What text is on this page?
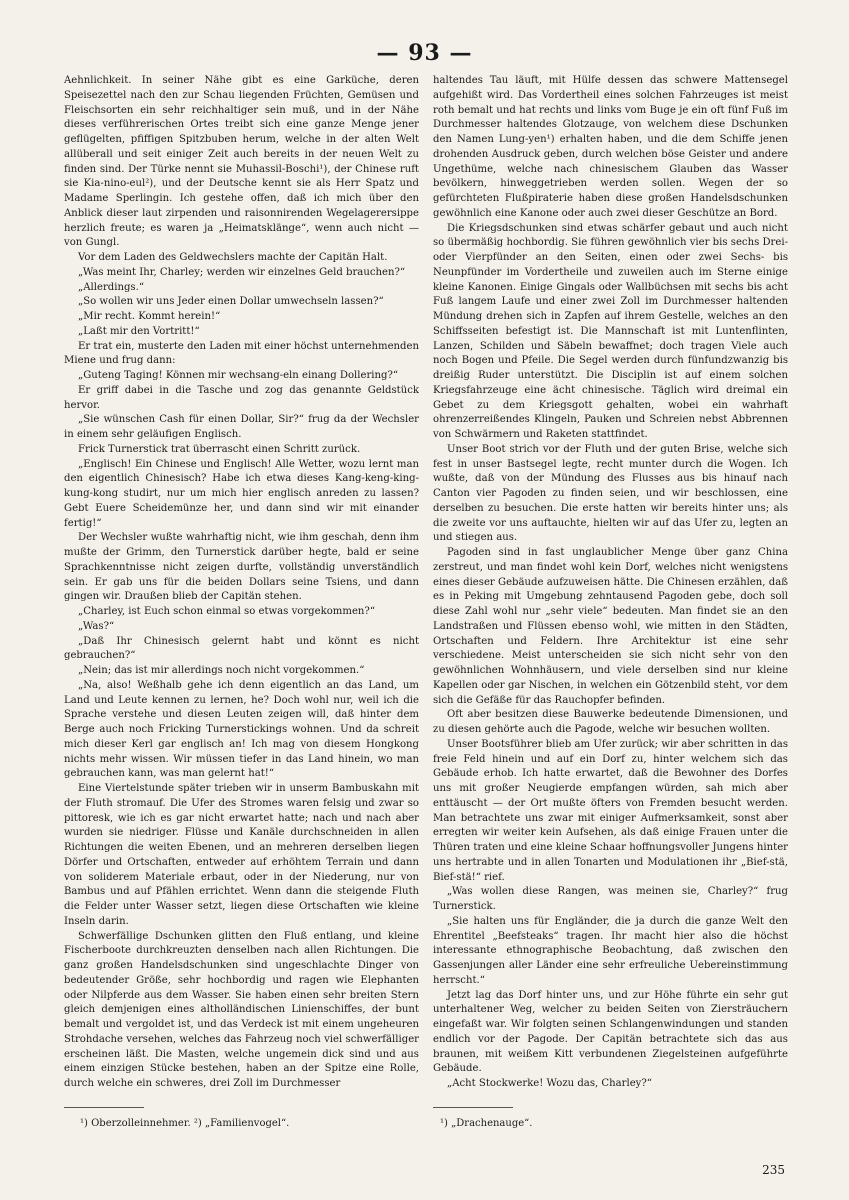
— 93 —

Aehnlichkeit. In seiner Nähe gibt es eine Garküche, deren Speisezettel nach den zur Schau liegenden Früchten, Gemüsen und Fleischsorten ein sehr reichhaltiger sein muß, und in der Nähe dieses verführerischen Ortes treibt sich eine ganze Menge jener geflügelten, pfiffigen Spitzbuben herum, welche in der alten Welt allüberall und seit einiger Zeit auch bereits in der neuen Welt zu finden sind. Der Türke nennt sie Muhassil-Boschi¹), der Chinese ruft sie Kia-nino-eul²), und der Deutsche kennt sie als Herr Spatz und Madame Sperlingin. Ich gestehe offen, daß ich mich über den Anblick dieser laut zirpenden und raisonnirenden Wegelagerersippe herzlich freute; es waren ja „Heimatsklänge“, wenn auch nicht — von Gungl.

Vor dem Laden des Geldwechslers machte der Capitän Halt.

„Was meint Ihr, Charley; werden wir einzelnes Geld brauchen?“

„Allerdings.“

„So wollen wir uns Jeder einen Dollar umwechseln lassen?“

„Mir recht. Kommt herein!“

„Laßt mir den Vortritt!“

Er trat ein, musterte den Laden mit einer höchst unternehmenden Miene und frug dann:

„Guteng Taging! Können mir wechsang-eln einang Dollering?“

Er griff dabei in die Tasche und zog das genannte Geldstück hervor.

„Sie wünschen Cash für einen Dollar, Sir?“ frug da der Wechsler in einem sehr geläufigen Englisch.

Frick Turnerstick trat überrascht einen Schritt zurück.

„Englisch! Ein Chinese und Englisch! Alle Wetter, wozu lernt man den eigentlich Chinesisch? Habe ich etwa dieses Kang-keng-king-kung-kong studirt, nur um mich hier englisch anreden zu lassen? Gebt Euere Scheidemünze her, und dann sind wir mit einander fertig!“

Der Wechsler wußte wahrhaftig nicht, wie ihm geschah, denn ihm mußte der Grimm, den Turnerstick darüber hegte, bald er seine Sprachkenntnisse nicht zeigen durfte, vollständig unverständlich sein. Er gab uns für die beiden Dollars seine Tsiens, und dann gingen wir. Draußen blieb der Capitän stehen.

„Charley, ist Euch schon einmal so etwas vorgekommen?“

„Was?“

„Daß Ihr Chinesisch gelernt habt und könnt es nicht gebrauchen?“

„Nein; das ist mir allerdings noch nicht vorgekommen.“

„Na, also! Weßhalb gehe ich denn eigentlich an das Land, um Land und Leute kennen zu lernen, he? Doch wohl nur, weil ich die Sprache verstehe und diesen Leuten zeigen will, daß hinter dem Berge auch noch Fricking Turnerstickings wohnen. Und da schreit mich dieser Kerl gar englisch an! Ich mag von diesem Hongkong nichts mehr wissen. Wir müssen tiefer in das Land hinein, wo man gebrauchen kann, was man gelernt hat!“

Eine Viertelstunde später trieben wir in unserm Bambuskahn mit der Fluth stromauf. Die Ufer des Stromes waren felsig und zwar so pittoresk, wie ich es gar nicht erwartet hatte; nach und nach aber wurden sie niedriger. Flüsse und Kanäle durchschneiden in allen Richtungen die weiten Ebenen, und an mehreren derselben liegen Dörfer und Ortschaften, entweder auf erhöhtem Terrain und dann von soliderem Materiale erbaut, oder in der Niederung, nur von Bambus und auf Pfählen errichtet. Wenn dann die steigende Fluth die Felder unter Wasser setzt, liegen diese Ortschaften wie kleine Inseln darin.

Schwerfällige Dschunken glitten den Fluß entlang, und kleine Fischerboote durchkreuzten denselben nach allen Richtungen. Die ganz großen Handelsdschunken sind ungeschlachte Dinger von bedeutender Größe, sehr hochbordig und ragen wie Elephanten oder Nilpferde aus dem Wasser. Sie haben einen sehr breiten Stern gleich demjenigen eines altholländischen Linienschiffes, der bunt bemalt und vergoldet ist, und das Verdeck ist mit einem ungeheuren Strohdache versehen, welches das Fahrzeug noch viel schwerfälliger erscheinen läßt. Die Masten, welche ungemein dick sind und aus einem einzigen Stücke bestehen, haben an der Spitze eine Rolle, durch welche ein schweres, drei Zoll im Durchmesser

haltendes Tau läuft, mit Hülfe dessen das schwere Mattensegel aufgehißt wird. Das Vordertheil eines solchen Fahrzeuges ist meist roth bemalt und hat rechts und links vom Buge je ein oft fünf Fuß im Durchmesser haltendes Glotzauge, von welchem diese Dschunken den Namen Lung-yen¹) erhalten haben, und die dem Schiffe jenen drohenden Ausdruck geben, durch welchen böse Geister und andere Ungethüme, welche nach chinesischem Glauben das Wasser bevölkern, hinweggetrieben werden sollen. Wegen der so gefürchteten Flußpiraterie haben diese großen Handelsdschunken gewöhnlich eine Kanone oder auch zwei dieser Geschütze an Bord.

Die Kriegsdschunken sind etwas schärfer gebaut und auch nicht so übermäßig hochbordig. Sie führen gewöhnlich vier bis sechs Drei- oder Vierpfünder an den Seiten, einen oder zwei Sechs- bis Neunpfünder im Vordertheile und zuweilen auch im Sterne einige kleine Kanonen. Einige Gingals oder Wallbüchsen mit sechs bis acht Fuß langem Laufe und einer zwei Zoll im Durchmesser haltenden Mündung drehen sich in Zapfen auf ihrem Gestelle, welches an den Schiffsseiten befestigt ist. Die Mannschaft ist mit Luntenflinten, Lanzen, Schilden und Säbeln bewaffnet; doch tragen Viele auch noch Bogen und Pfeile. Die Segel werden durch fünfundzwanzig bis dreißig Ruder unterstützt. Die Disciplin ist auf einem solchen Kriegsfahrzeuge eine ächt chinesische. Täglich wird dreimal ein Gebet zu dem Kriegsgott gehalten, wobei ein wahrhaft ohrenzerreißendes Klingeln, Pauken und Schreien nebst Abbrennen von Schwärmern und Raketen stattfindet.

Unser Boot strich vor der Fluth und der guten Brise, welche sich fest in unser Bastsegel legte, recht munter durch die Wogen. Ich wußte, daß von der Mündung des Flusses aus bis hinauf nach Canton vier Pagoden zu finden seien, und wir beschlossen, eine derselben zu besuchen. Die erste hatten wir bereits hinter uns; als die zweite vor uns auftauchte, hielten wir auf das Ufer zu, legten an und stiegen aus.

Pagoden sind in fast unglaublicher Menge über ganz China zerstreut, und man findet wohl kein Dorf, welches nicht wenigstens eines dieser Gebäude aufzuweisen hätte. Die Chinesen erzählen, daß es in Peking mit Umgebung zehntausend Pagoden gebe, doch soll diese Zahl wohl nur „sehr viele“ bedeuten. Man findet sie an den Landstraßen und Flüssen ebenso wohl, wie mitten in den Städten, Ortschaften und Feldern. Ihre Architektur ist eine sehr verschiedene. Meist unterscheiden sie sich nicht sehr von den gewöhnlichen Wohnhäusern, und viele derselben sind nur kleine Kapellen oder gar Nischen, in welchen ein Götzenbild steht, vor dem sich die Gefäße für das Rauchopfer befinden.

Oft aber besitzen diese Bauwerke bedeutende Dimensionen, und zu diesen gehörte auch die Pagode, welche wir besuchen wollten.

Unser Bootsführer blieb am Ufer zurück; wir aber schritten in das freie Feld hinein und auf ein Dorf zu, hinter welchem sich das Gebäude erhob. Ich hatte erwartet, daß die Bewohner des Dorfes uns mit großer Neugierde empfangen würden, sah mich aber enttäuscht — der Ort mußte öfters von Fremden besucht werden. Man betrachtete uns zwar mit einiger Aufmerksamkeit, sonst aber erregten wir weiter kein Aufsehen, als daß einige Frauen unter die Thüren traten und eine kleine Schaar hoffnungsvoller Jungens hinter uns hertrabte und in allen Tonarten und Modulationen ihr „Bief-stä, Bief-stä!“ rief.

„Was wollen diese Rangen, was meinen sie, Charley?“ frug Turnerstick.

„Sie halten uns für Engländer, die ja durch die ganze Welt den Ehrentitel „Beefsteaks“ tragen. Ihr macht hier also die höchst interessante ethnographische Beobachtung, daß zwischen den Gassenjungen aller Länder eine sehr erfreuliche Uebereinstimmung herrscht.“

Jetzt lag das Dorf hinter uns, und zur Höhe führte ein sehr gut unterhaltener Weg, welcher zu beiden Seiten von Ziersträuchern eingefaßt war. Wir folgten seinen Schlangenwindungen und standen endlich vor der Pagode. Der Capitän betrachtete sich das aus braunen, mit weißem Kitt verbundenen Ziegelsteinen aufgeführte Gebäude.

„Acht Stockwerke! Wozu das, Charley?“

¹) Oberzolleinnehmer. ²) „Familienvogel“.	¹) „Drachenauge“.
235
